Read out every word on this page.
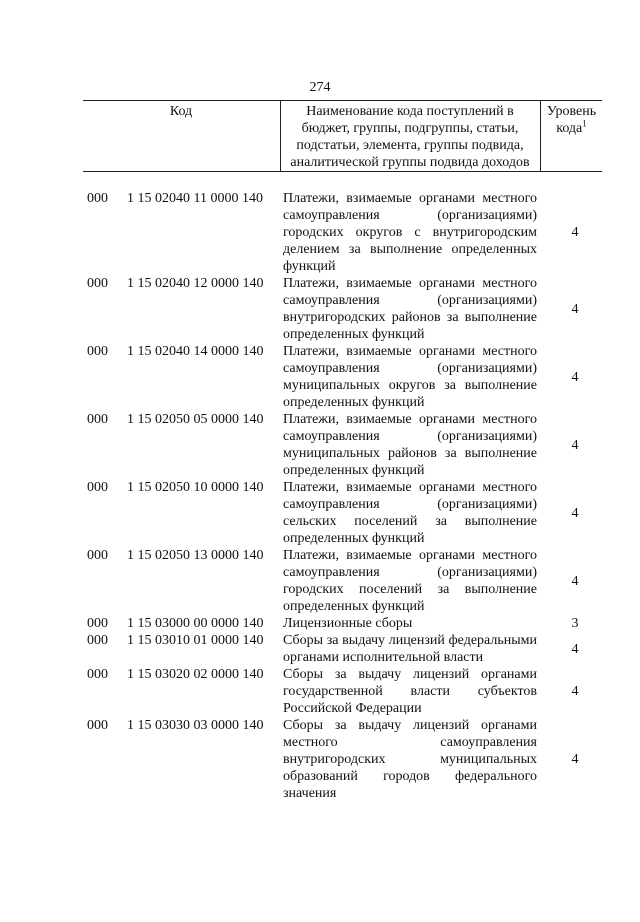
274
Код	Наименование кода поступлений в бюджет, группы, подгруппы, статьи, подстатьи, элемента, группы подвида, аналитической группы подвида доходов
Уровень кода$^1$
000 1 15 02040 11 0000 140 Платежи, взимаемые органами местного самоуправления (организациями) городских округов с внутригородским делением за выполнение определенных функций
4
000 1 15 02040 12 0000 140 Платежи, взимаемые органами местного самоуправления (организациями) внутригородских районов за выполнение определенных функций
4
000 1 15 02040 14 0000 140 Платежи, взимаемые органами местного самоуправления (организациями) муниципальных округов за выполнение определенных функций
4
000 1 15 02050 05 0000 140 Платежи, взимаемые органами местного самоуправления (организациями) муниципальных районов за выполнение определенных функций
4
000 1 15 02050 10 0000 140 Платежи, взимаемые органами местного самоуправления (организациями) сельских поселений за выполнение определенных функций
4
000 1 15 02050 13 0000 140 Платежи, взимаемые органами местного самоуправления (организациями) городских поселений за выполнение определенных функций
4
000 1 15 03000 00 0000 140 Лицензионные сборы	3
000 1 15 03010 01 0000 140 Сборы за выдачу лицензий федеральными органами исполнительной власти
4
000 1 15 03020 02 0000 140 Сборы за выдачу лицензий органами государственной власти субъектов Российской Федерации
4
000 1 15 03030 03 0000 140 Сборы за выдачу лицензий органами местного самоуправления внутригородских муниципальных образований городов федерального значения
4
